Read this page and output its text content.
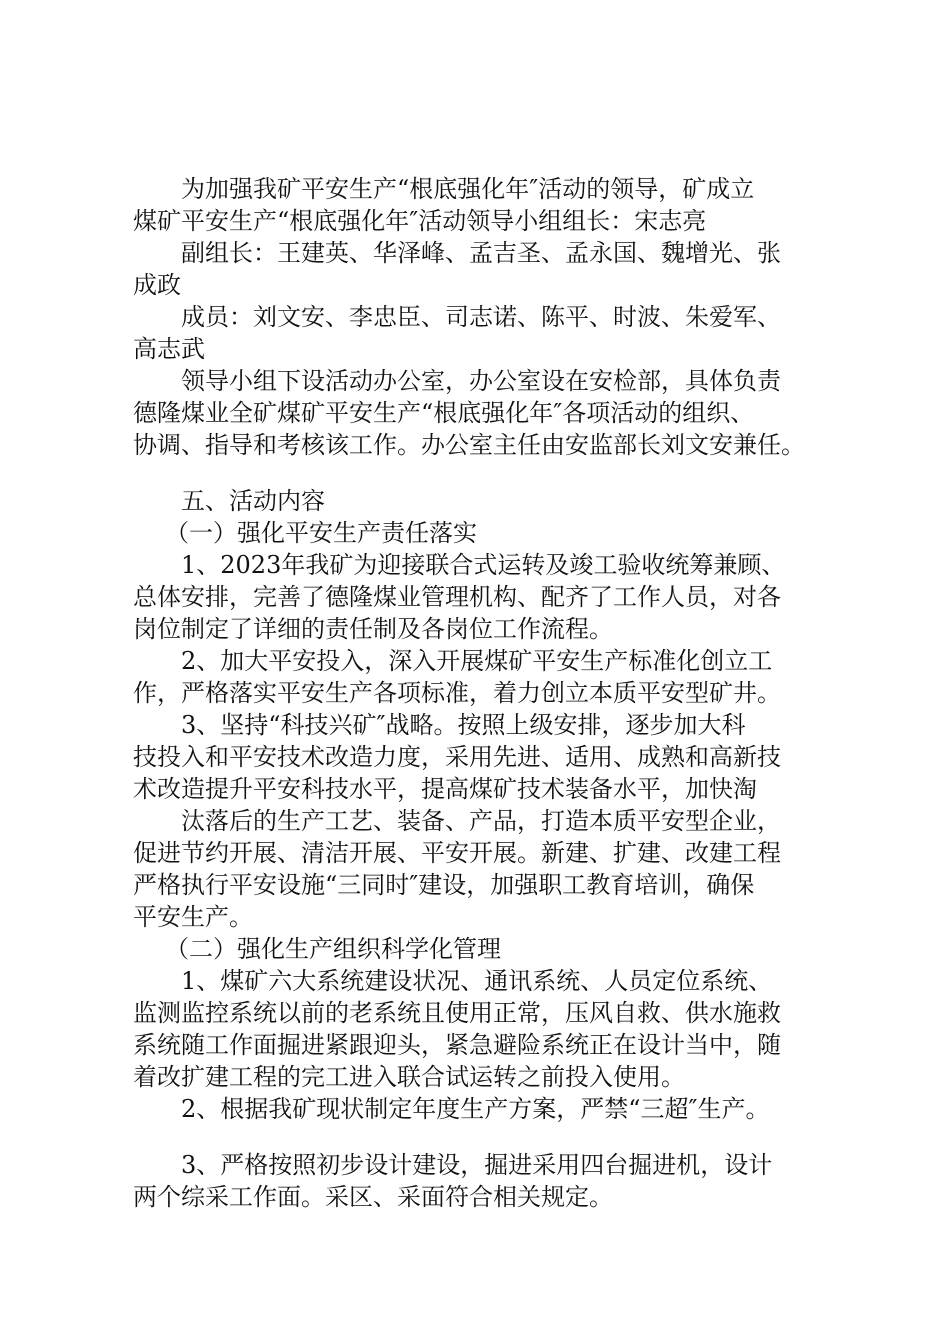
为加强我矿平安生产“根底强化年″活动的领导，矿成立
煤矿平安生产“根底强化年″活动领导小组组长：宋志亮
副组长：王建英、华泽峰、孟吉圣、孟永国、魏增光、张
成政
成员：刘文安、李忠臣、司志诺、陈平、时波、朱爱军、
高志武
领导小组下设活动办公室，办公室设在安检部，具体负责
德隆煤业全矿煤矿平安生产“根底强化年″各项活动的组织、
协调、指导和考核该工作。办公室主任由安监部长刘文安兼任。
五、活动内容
（一）强化平安生产责任落实
1、2023年我矿为迎接联合式运转及竣工验收统筹兼顾、
总体安排，完善了德隆煤业管理机构、配齐了工作人员，对各
岗位制定了详细的责任制及各岗位工作流程。
2、加大平安投入，深入开展煤矿平安生产标准化创立工
作，严格落实平安生产各项标准，着力创立本质平安型矿井。
3、坚持“科技兴矿″战略。按照上级安排，逐步加大科
技投入和平安技术改造力度，采用先进、适用、成熟和高新技
术改造提升平安科技水平，提高煤矿技术装备水平，加快淘
汰落后的生产工艺、装备、产品，打造本质平安型企业，
促进节约开展、清洁开展、平安开展。新建、扩建、改建工程
严格执行平安设施“三同时″建设，加强职工教育培训，确保
平安生产。
（二）强化生产组织科学化管理
1、煤矿六大系统建设状况、通讯系统、人员定位系统、
监测监控系统以前的老系统且使用正常，压风自救、供水施救
系统随工作面掘进紧跟迎头，紧急避险系统正在设计当中，随
着改扩建工程的完工进入联合试运转之前投入使用。
2、根据我矿现状制定年度生产方案，严禁“三超″生产。
3、严格按照初步设计建设，掘进采用四台掘进机，设计
两个综采工作面。采区、采面符合相关规定。
